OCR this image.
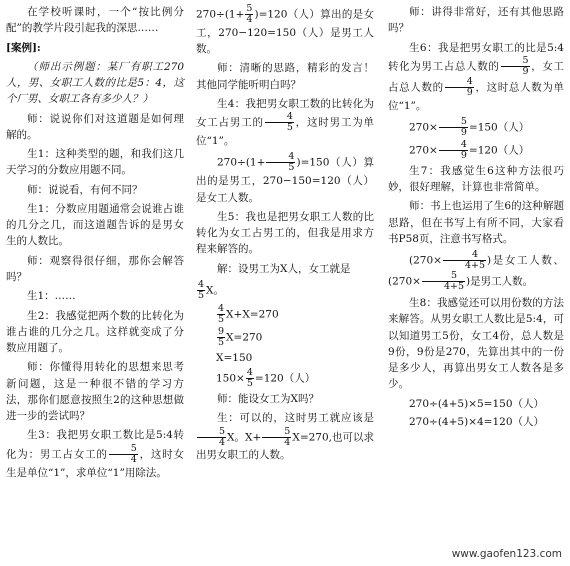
在学校听课时，一个“按比例分配”的教学片段引起我的深思……

[案例]:

（师出示例题：某厂有职工270人，男、女职工人数的比是5：4，这个厂男、女职工各有多少人？）

师：说说你们对这道题是如何理解的。

生1：这种类型的题，和我们这几天学习的分数应用题不同。

师：说说看，有何不同？

生1：分数应用题通常会说谁占谁的几分之几，而这道题告诉的是男女生的人数比。

师：观察得很仔细，那你会解答吗？

生1：……

生2：我感觉把两个数的比转化为谁占谁的几分之几。这样就变成了分数应用题了。

师：你懂得用转化的思想来思考新问题，这是一种很不错的学习方法，那你们愿意按照生2的这种思想做进一步的尝试吗？

生3：我把男女职工数比是5:4转化为：男工占女工的 $\frac{5}{4}$ ，这时女生是单位“1”，求单位“1”用除法。

$270\div(1+ \frac{5}{4} )=120$（人）算出的是女工，270−120=150（人）是男工人数。

师：清晰的思路，精彩的发言！其他同学能听明白吗？

生4：我把男女职工数的比转化为女工占男工的 $\frac{4}{5}$ ，这时男工为单位“1”。

$270\div(1+ \frac{4}{5} )=150$（人）算出的是男工，270−150=120（人）是女工人数。

生5：我也是把男女职工人数的比转化为女工占男工的，但我是用求方程来解答的。

解：设男工为X人，女工就是

$\frac{4}{5}$ X。

$\frac{4}{5} X+X=270$

$\frac{9}{5} X=270$

X=150

$150\times \frac{4}{5} =120$（人）

师：能设女工为X吗？

生：可以的，这时男工就应该是
$\frac{5}{4}$ X。$X+ \frac{5}{4} X=270$,也可以求出男女职工的人数。

师：讲得非常好，还有其他思路吗？

生6：我是把男女职工的比是5:4转化为男工占总人数的 $\frac{5}{9}$ ，女工占总人数的 $\frac{4}{9}$ ，这时总人数为单位“1”。

$270\times \frac{5}{9} =150$（人）

$270\times \frac{4}{9} =120$（人）

生7：我感觉生6这种方法很巧妙，很好理解，计算也非常简单。

师：书上也运用了生6的这种解题思路，但在书写上有所不同，大家看书P58页，注意书写格式。

($270\times \frac{4}{4+5}$ )是女工人数、($270\times \frac{5}{4+5}$ )是男工人数。

生8：我感觉还可以用份数的方法来解答。从男女职工人数比是5:4，可以知道男工5份，女工4份，总人数是9份，9份是270，先算出其中的一份是多少人，再算出男女工人数各是多少。

270÷(4+5)×5=150（人）

270÷(4+5)×4=120（人）

www.gaofen123.com
